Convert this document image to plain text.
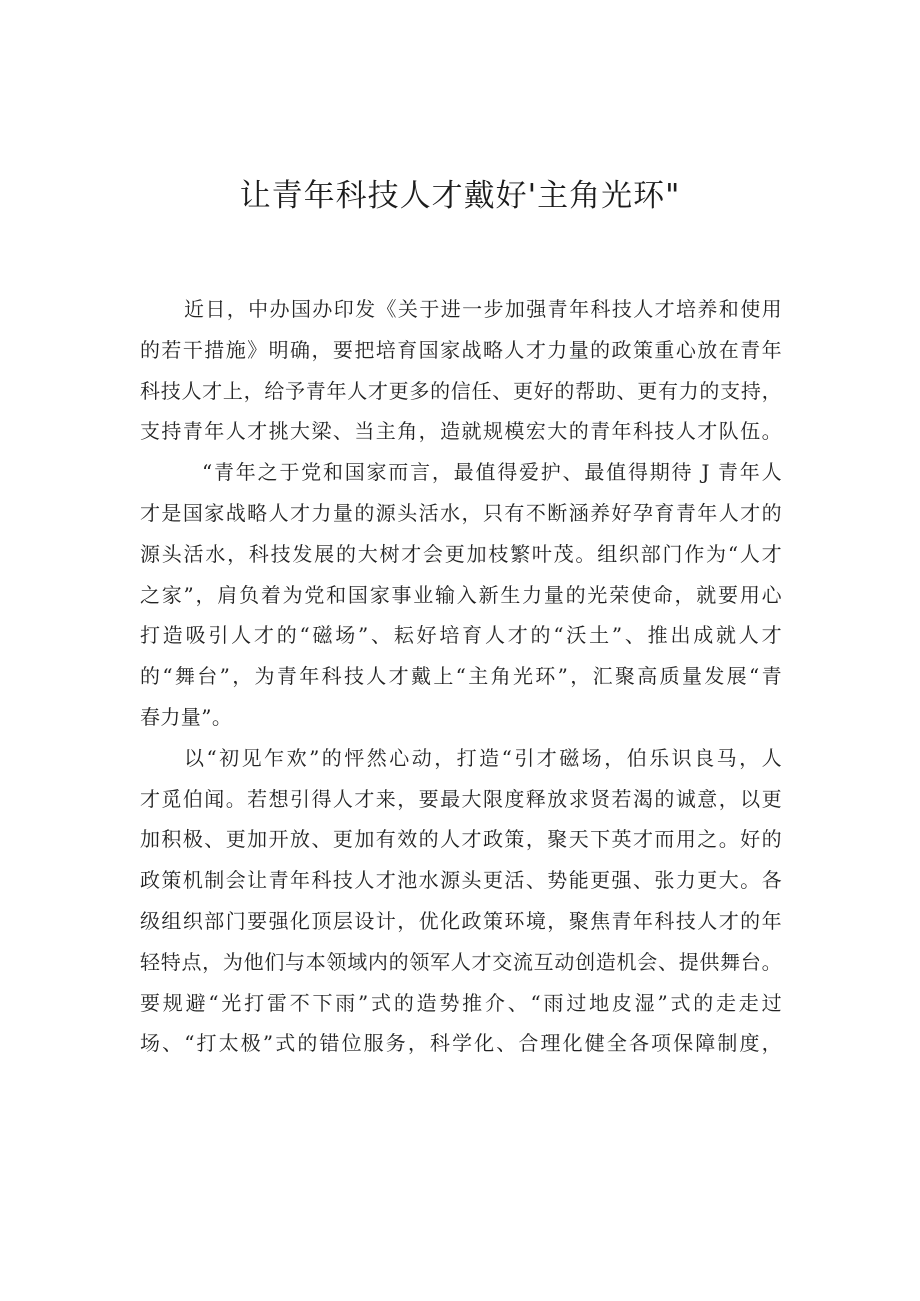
让青年科技人才戴好'主角光环"
近日，中办国办印发《关于进一步加强青年科技人才培养和使用
的若干措施》明确，要把培育国家战略人才力量的政策重心放在青年
科技人才上，给予青年人才更多的信任、更好的帮助、更有力的支持，
支持青年人才挑大梁、当主角，造就规模宏大的青年科技人才队伍。
“青年之于党和国家而言，最值得爱护、最值得期待 J 青年人
才是国家战略人才力量的源头活水，只有不断涵养好孕育青年人才的
源头活水，科技发展的大树才会更加枝繁叶茂。组织部门作为“人才
之家”，肩负着为党和国家事业输入新生力量的光荣使命，就要用心
打造吸引人才的“磁场”、耘好培育人才的“沃土”、推出成就人才
的“舞台”，为青年科技人才戴上“主角光环”，汇聚高质量发展“青
春力量”。
以“初见乍欢”的怦然心动，打造“引才磁场，伯乐识良马，人
才觅伯闻。若想引得人才来，要最大限度释放求贤若渴的诚意，以更
加积极、更加开放、更加有效的人才政策，聚天下英才而用之。好的
政策机制会让青年科技人才池水源头更活、势能更强、张力更大。各
级组织部门要强化顶层设计，优化政策环境，聚焦青年科技人才的年
轻特点，为他们与本领域内的领军人才交流互动创造机会、提供舞台。
要规避“光打雷不下雨”式的造势推介、“雨过地皮湿”式的走走过
场、“打太极”式的错位服务，科学化、合理化健全各项保障制度，
